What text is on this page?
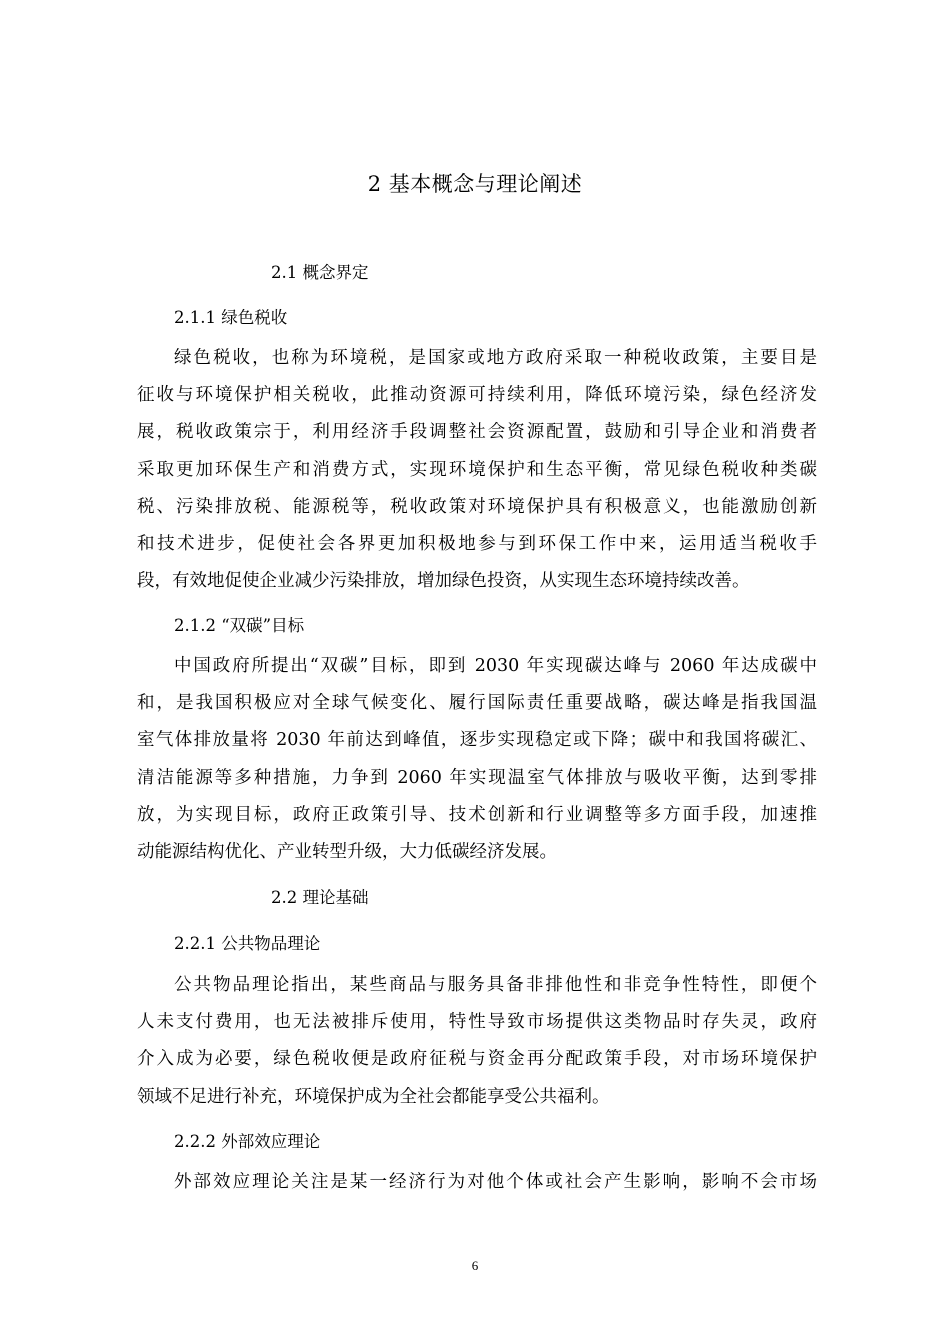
2 基本概念与理论阐述
2.1 概念界定
2.1.1 绿色税收
绿色税收，也称为环境税，是国家或地方政府采取一种税收政策，主要目是
征收与环境保护相关税收，此推动资源可持续利用，降低环境污染，绿色经济发
展，税收政策宗于，利用经济手段调整社会资源配置，鼓励和引导企业和消费者
采取更加环保生产和消费方式，实现环境保护和生态平衡，常见绿色税收种类碳
税、污染排放税、能源税等，税收政策对环境保护具有积极意义，也能激励创新
和技术进步，促使社会各界更加积极地参与到环保工作中来，运用适当税收手
段，有效地促使企业减少污染排放，增加绿色投资，从实现生态环境持续改善。
2.1.2 “双碳”目标
中国政府所提出“双碳”目标，即到 2030 年实现碳达峰与 2060 年达成碳中
和，是我国积极应对全球气候变化、履行国际责任重要战略，碳达峰是指我国温
室气体排放量将 2030 年前达到峰值，逐步实现稳定或下降；碳中和我国将碳汇、
清洁能源等多种措施，力争到 2060 年实现温室气体排放与吸收平衡，达到零排
放，为实现目标，政府正政策引导、技术创新和行业调整等多方面手段，加速推
动能源结构优化、产业转型升级，大力低碳经济发展。
2.2 理论基础
2.2.1 公共物品理论
公共物品理论指出，某些商品与服务具备非排他性和非竞争性特性，即便个
人未支付费用，也无法被排斥使用，特性导致市场提供这类物品时存失灵，政府
介入成为必要，绿色税收便是政府征税与资金再分配政策手段，对市场环境保护
领域不足进行补充，环境保护成为全社会都能享受公共福利。
2.2.2 外部效应理论
外部效应理论关注是某一经济行为对他个体或社会产生影响，影响不会市场
6
